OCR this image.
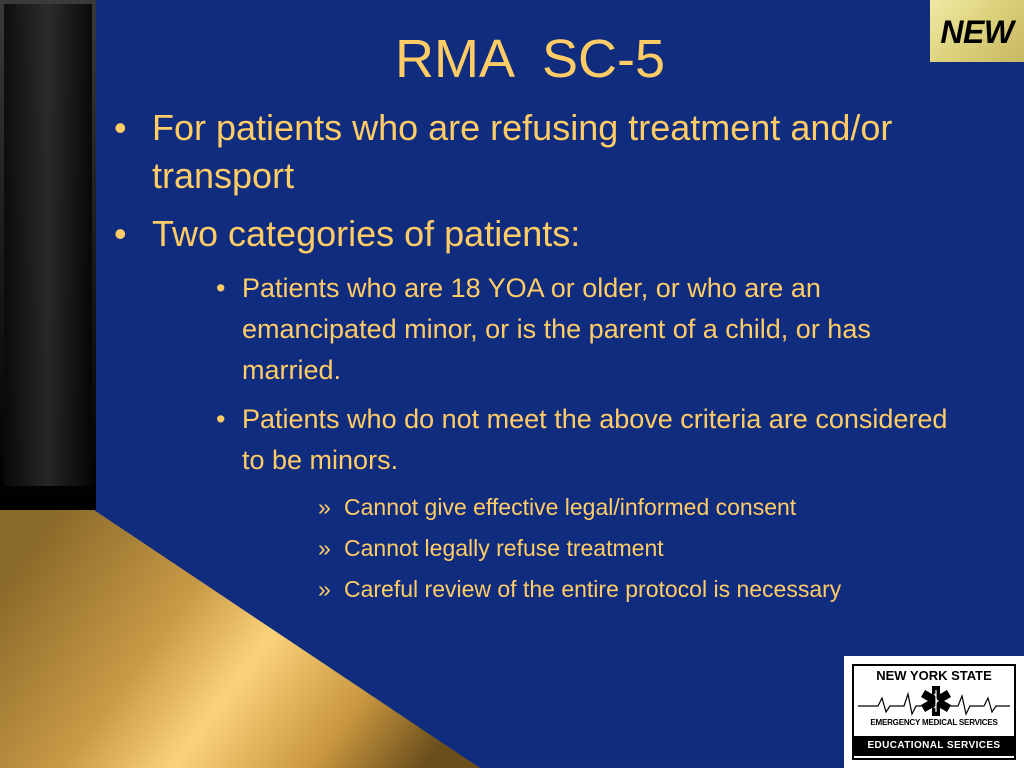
NEW
RMA  SC-5
• For patients who are refusing treatment and/or transport
• Two categories of patients:
• Patients who are 18 YOA or older, or who are an emancipated minor, or is the parent of a child, or has married.
• Patients who do not meet the above criteria are considered to be minors.
» Cannot give effective legal/informed consent
» Cannot legally refuse treatment
» Careful review of the entire protocol is necessary
NEW YORK STATE
EMERGENCY MEDICAL SERVICES
EDUCATIONAL SERVICES
